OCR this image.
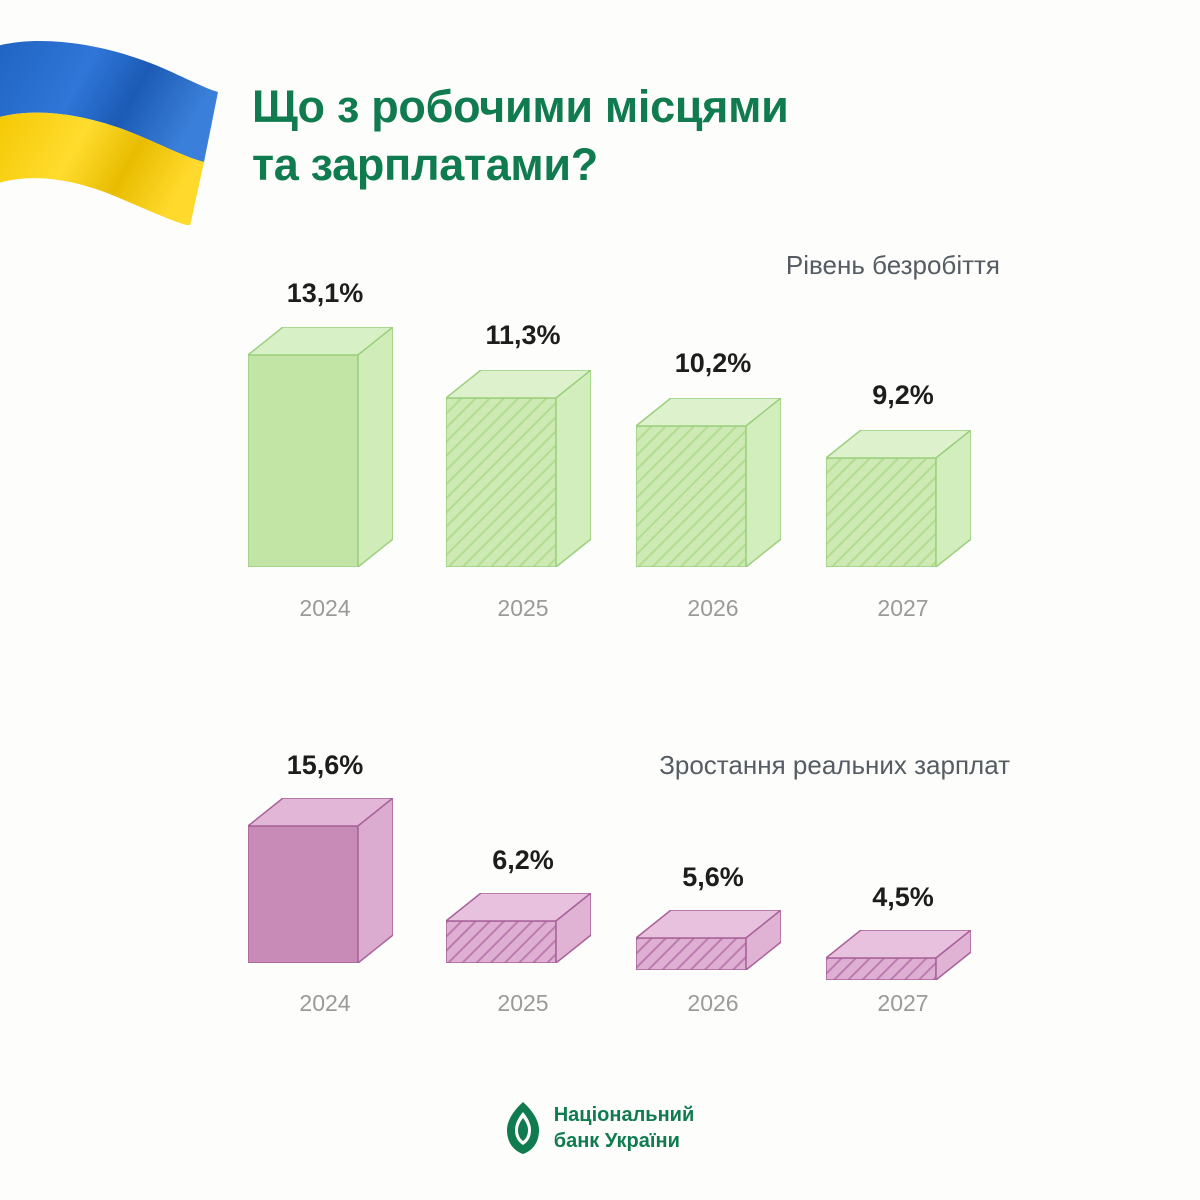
Що з робочими місцями
та зарплатами?
Рівень безробіття
13,1%
2024
11,3%
2025
10,2%
2026
9,2%
2027
Зростання реальних зарплат
15,6%
2024
6,2%
2025
5,6%
2026
4,5%
2027
Національний
банк України
